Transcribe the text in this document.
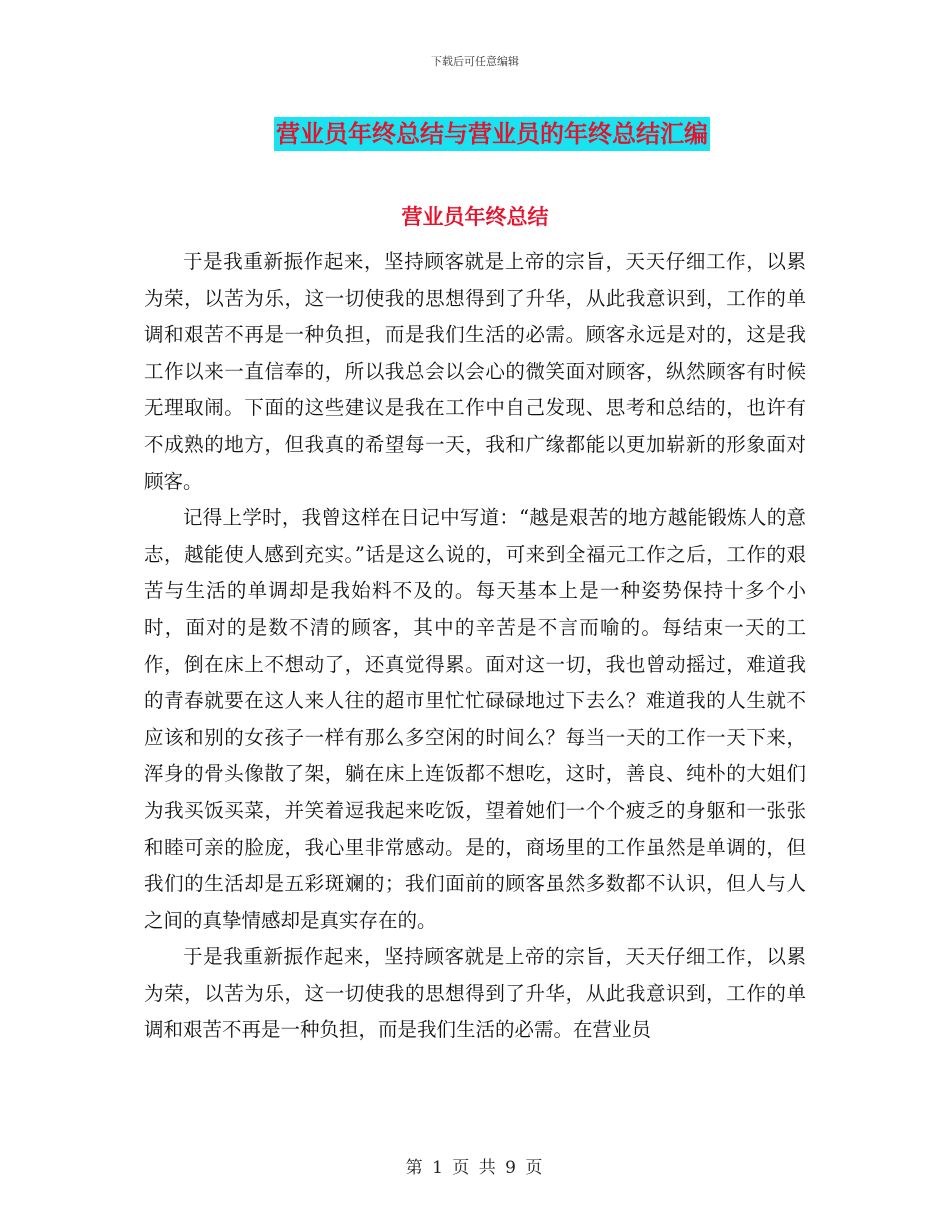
下载后可任意编辑
营业员年终总结与营业员的年终总结汇编
营业员年终总结

于是我重新振作起来，坚持顾客就是上帝的宗旨，天天仔细工作，以累为荣，以苦为乐，这一切使我的思想得到了升华，从此我意识到，工作的单调和艰苦不再是一种负担，而是我们生活的必需。顾客永远是对的，这是我工作以来一直信奉的，所以我总会以会心的微笑面对顾客，纵然顾客有时候无理取闹。下面的这些建议是我在工作中自己发现、思考和总结的，也许有不成熟的地方，但我真的希望每一天，我和广缘都能以更加崭新的形象面对顾客。

记得上学时，我曾这样在日记中写道：“越是艰苦的地方越能锻炼人的意志，越能使人感到充实。”话是这么说的，可来到全福元工作之后，工作的艰苦与生活的单调却是我始料不及的。每天基本上是一种姿势保持十多个小时，面对的是数不清的顾客，其中的辛苦是不言而喻的。每结束一天的工作，倒在床上不想动了，还真觉得累。面对这一切，我也曾动摇过，难道我的青春就要在这人来人往的超市里忙忙碌碌地过下去么？难道我的人生就不应该和别的女孩子一样有那么多空闲的时间么？每当一天的工作一天下来，浑身的骨头像散了架，躺在床上连饭都不想吃，这时，善良、纯朴的大姐们为我买饭买菜，并笑着逗我起来吃饭，望着她们一个个疲乏的身躯和一张张和睦可亲的脸庞，我心里非常感动。是的，商场里的工作虽然是单调的，但我们的生活却是五彩斑斓的；我们面前的顾客虽然多数都不认识，但人与人之间的真挚情感却是真实存在的。

于是我重新振作起来，坚持顾客就是上帝的宗旨，天天仔细工作，以累为荣，以苦为乐，这一切使我的思想得到了升华，从此我意识到，工作的单调和艰苦不再是一种负担，而是我们生活的必需。在营业员

第 1 页 共 9 页
